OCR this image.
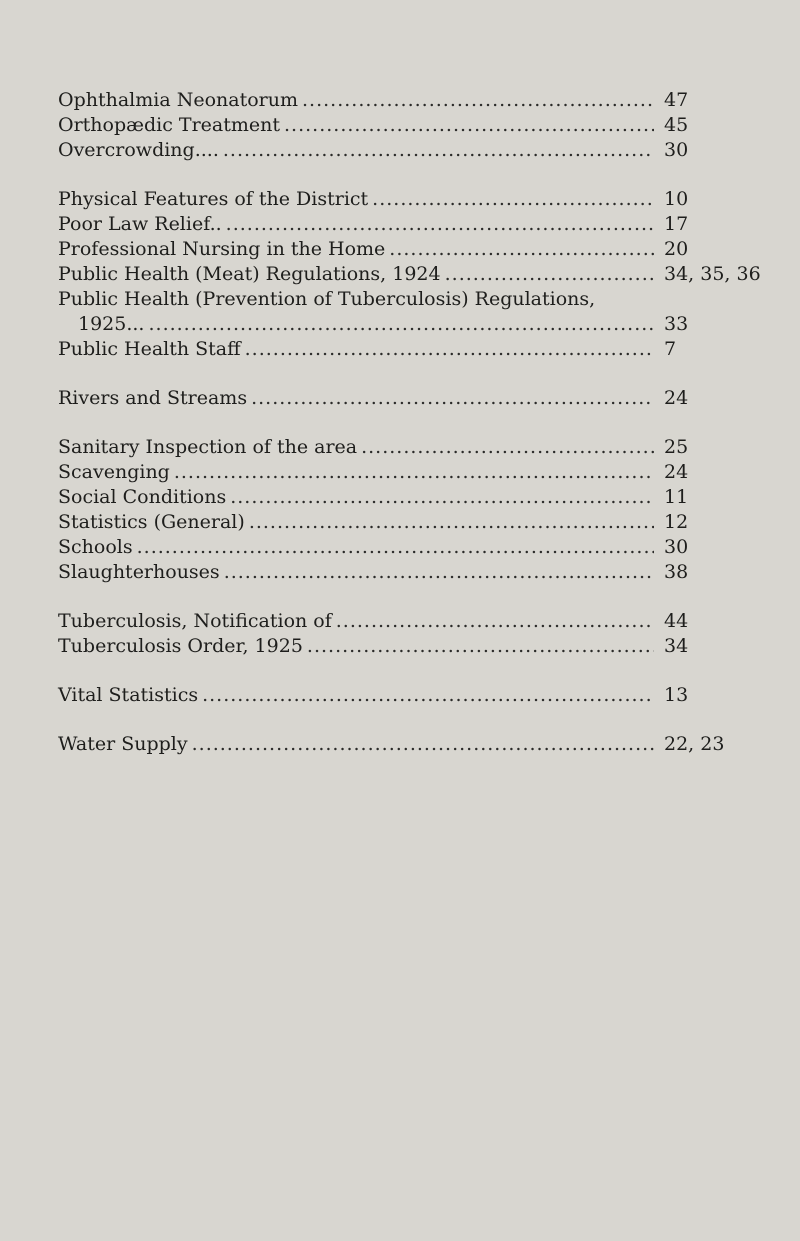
Ophthalmia Neonatorum .....	47
Orthopædic Treatment .....	45
Overcrowding.... .....	30
Physical Features of the District .....	10
Poor Law Relief.. .....	17
Professional Nursing in the Home .....	20
Public Health (Meat) Regulations, 1924 .....	34, 35, 36
Public Health (Prevention of Tuberculosis) Regulations,
1925... .....	33
Public Health Staff .....	7
Rivers and Streams .....	24
Sanitary Inspection of the area .....	25
Scavenging .....	24
Social Conditions .....	11
Statistics (General) .....	12
Schools .....	30
Slaughterhouses .....	38
Tuberculosis, Notification of .....	44
Tuberculosis Order, 1925 .....	34
Vital Statistics .....	13
Water Supply .....	22, 23
